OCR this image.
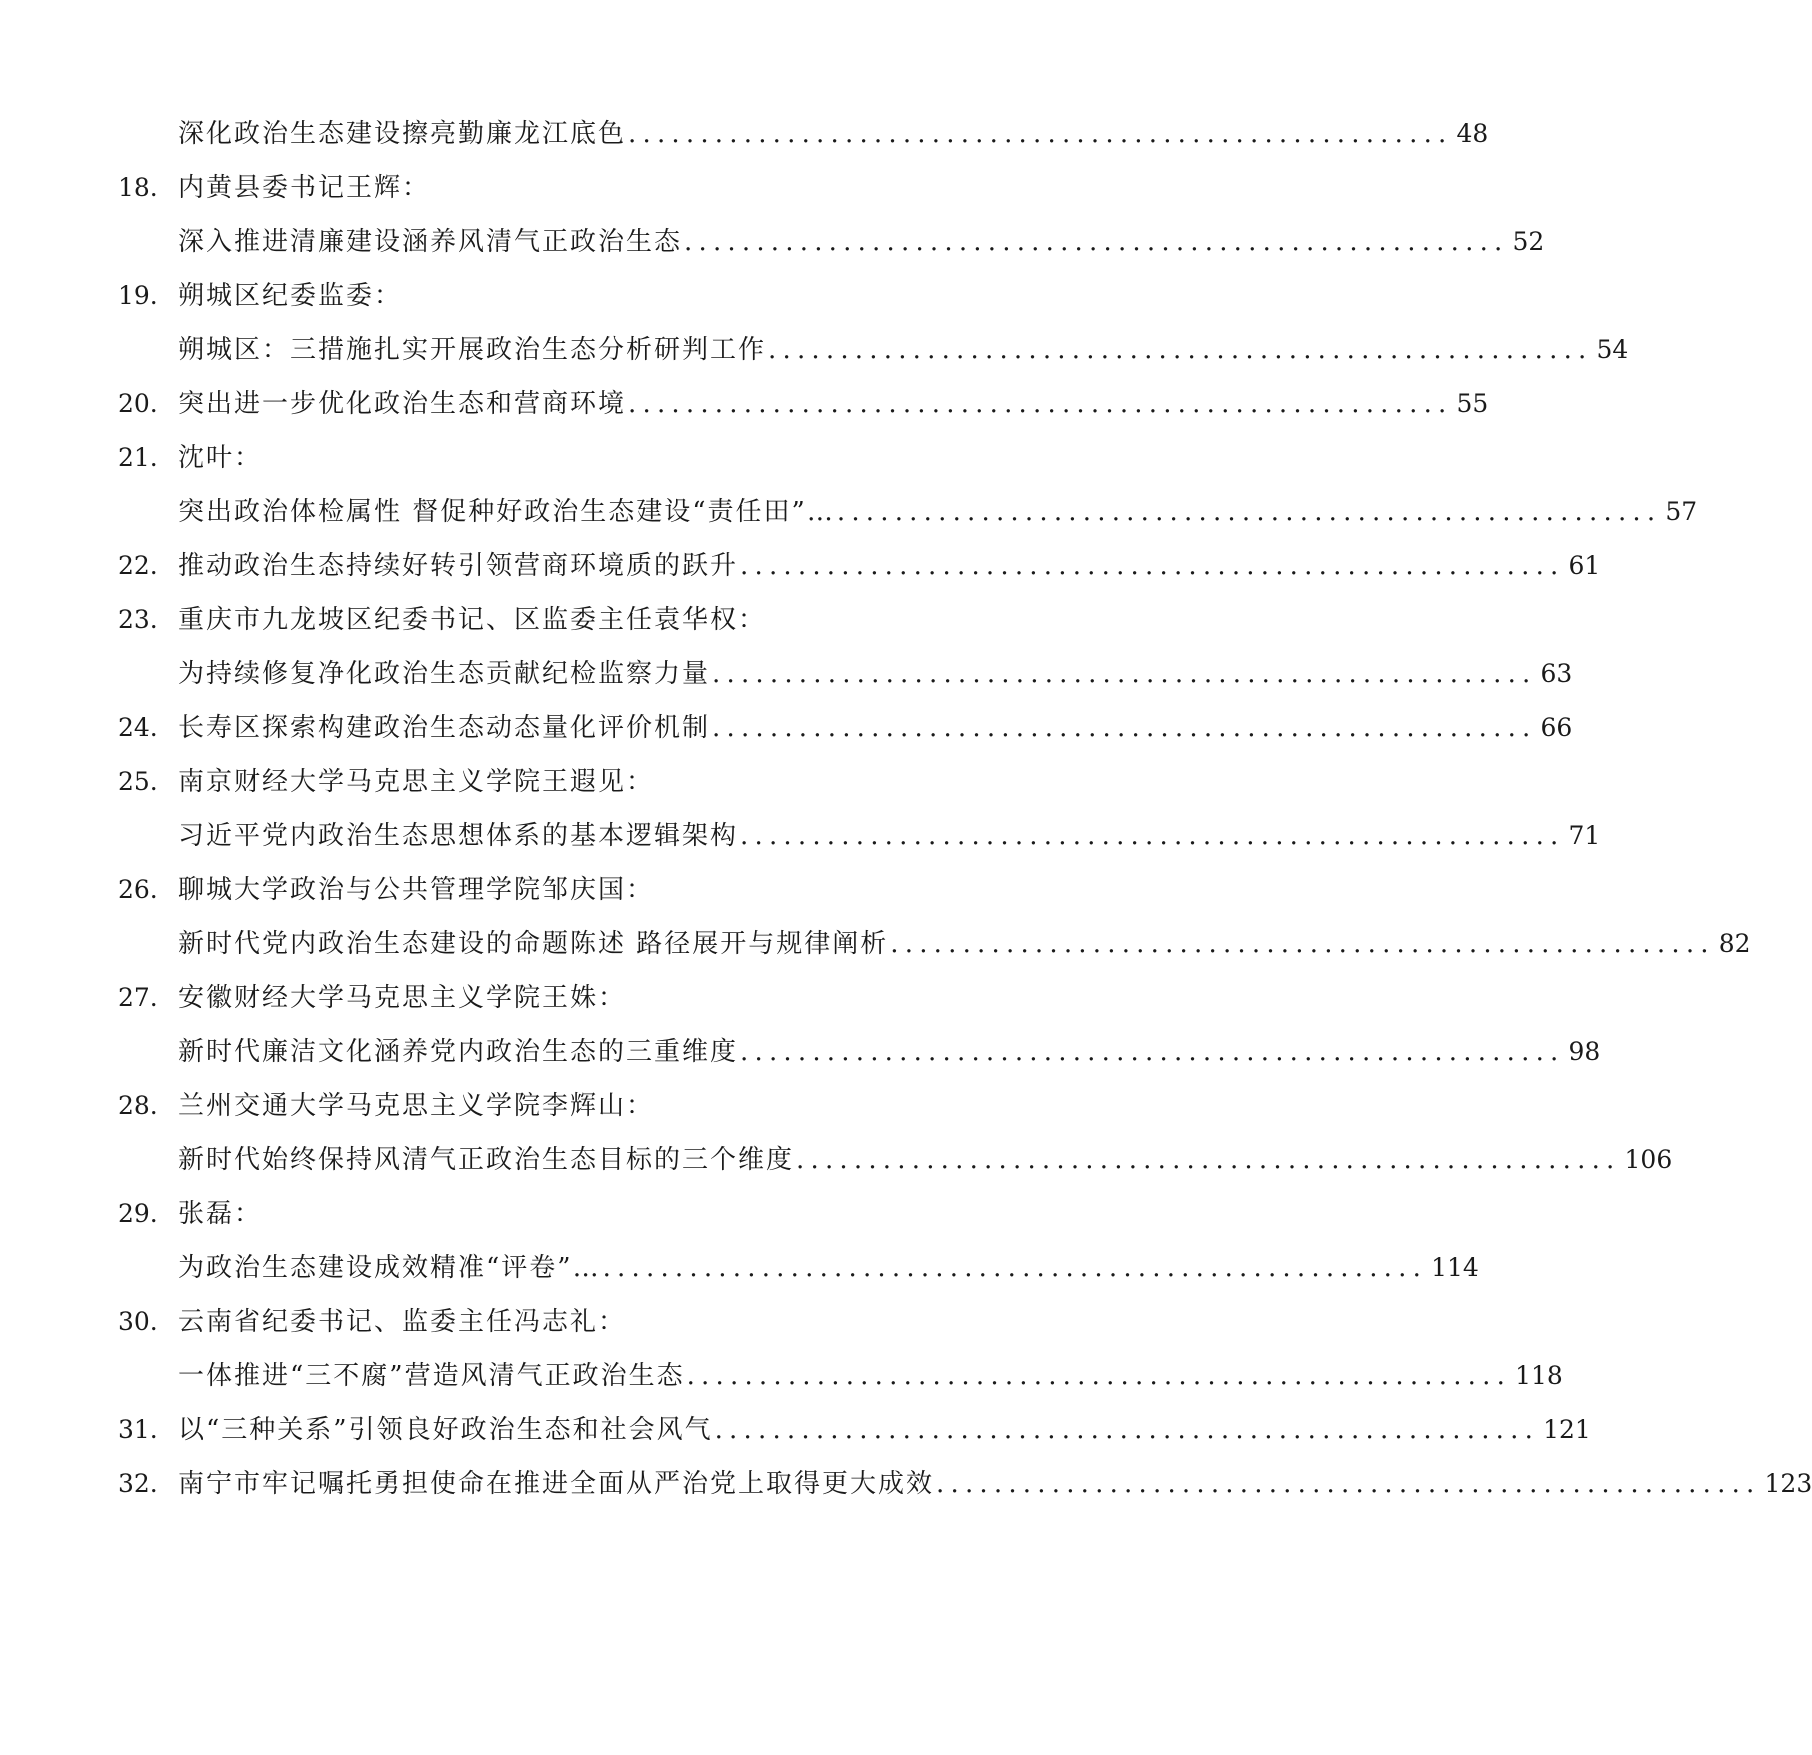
深化政治生态建设擦亮勤廉龙江底色 ......................................................... 48
18. 内黄县委书记王辉：
深入推进清廉建设涵养风清气正政治生态 ......................................................... 52
19. 朔城区纪委监委：
朔城区：三措施扎实开展政治生态分析研判工作 ......................................................... 54
20. 突出进一步优化政治生态和营商环境 ......................................................... 55
21. 沈叶：
突出政治体检属性 督促种好政治生态建设“责任田”… ......................................................... 57
22. 推动政治生态持续好转引领营商环境质的跃升 ......................................................... 61
23. 重庆市九龙坡区纪委书记、区监委主任袁华权：
为持续修复净化政治生态贡献纪检监察力量 ......................................................... 63
24. 长寿区探索构建政治生态动态量化评价机制 ......................................................... 66
25. 南京财经大学马克思主义学院王遐见：
习近平党内政治生态思想体系的基本逻辑架构 ......................................................... 71
26. 聊城大学政治与公共管理学院邹庆国：
新时代党内政治生态建设的命题陈述 路径展开与规律阐析 ......................................................... 82
27. 安徽财经大学马克思主义学院王姝：
新时代廉洁文化涵养党内政治生态的三重维度 ......................................................... 98
28. 兰州交通大学马克思主义学院李辉山：
新时代始终保持风清气正政治生态目标的三个维度 ......................................................... 106
29. 张磊：
为政治生态建设成效精准“评卷”… ......................................................... 114
30. 云南省纪委书记、监委主任冯志礼：
一体推进“三不腐”营造风清气正政治生态 ......................................................... 118
31. 以“三种关系”引领良好政治生态和社会风气 ......................................................... 121
32. 南宁市牢记嘱托勇担使命在推进全面从严治党上取得更大成效 ......................................................... 123
